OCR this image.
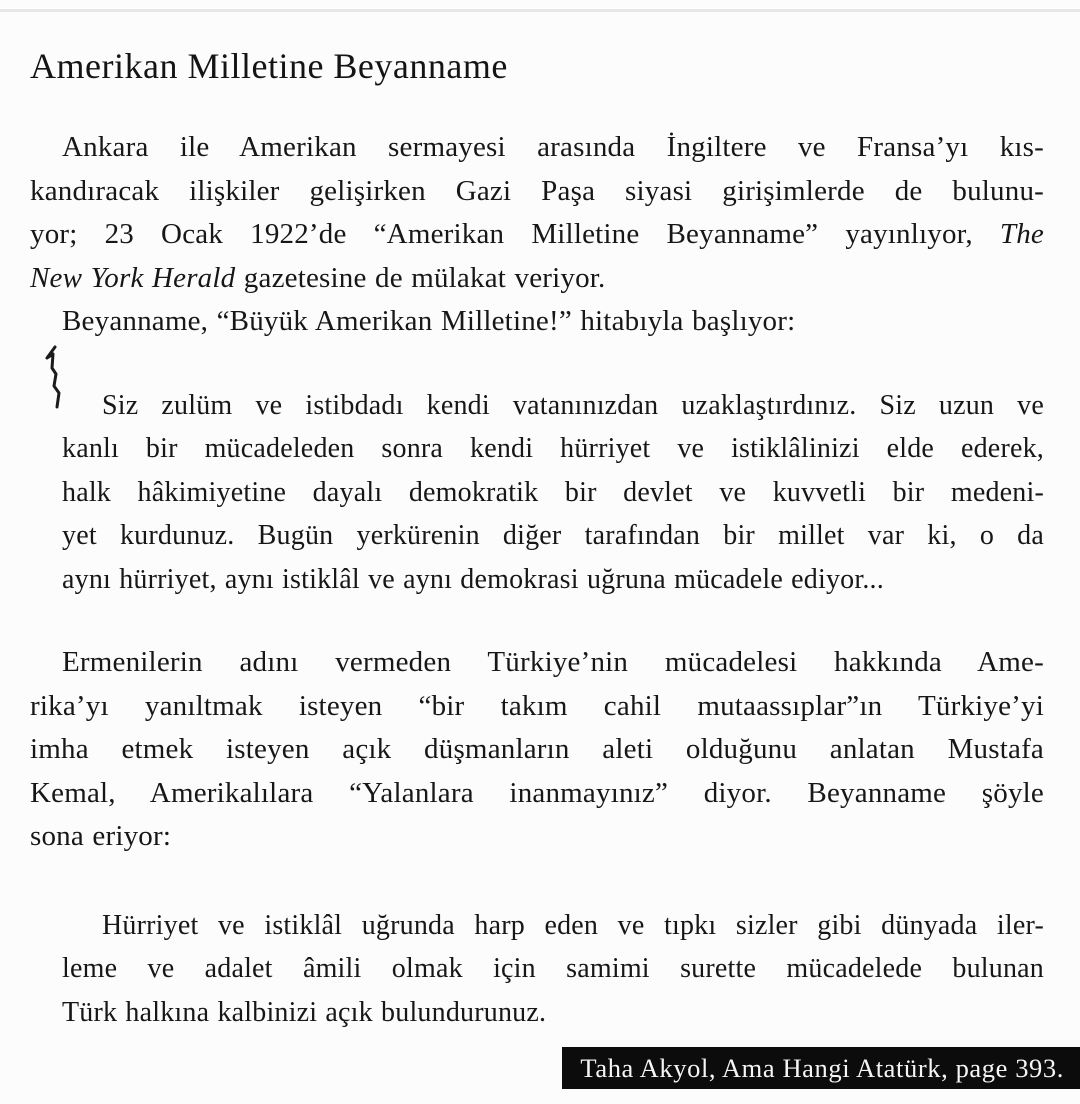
Amerikan Milletine Beyanname
Ankara ile Amerikan sermayesi arasında İngiltere ve Fransa’yı kıs-
kandıracak ilişkiler gelişirken Gazi Paşa siyasi girişimlerde de bulunu-
yor; 23 Ocak 1922’de “Amerikan Milletine Beyanname” yayınlıyor, The
New York Herald gazetesine de mülakat veriyor.
Beyanname, “Büyük Amerikan Milletine!” hitabıyla başlıyor:
Siz zulüm ve istibdadı kendi vatanınızdan uzaklaştırdınız. Siz uzun ve
kanlı bir mücadeleden sonra kendi hürriyet ve istiklâlinizi elde ederek,
halk hâkimiyetine dayalı demokratik bir devlet ve kuvvetli bir medeni-
yet kurdunuz. Bugün yerkürenin diğer tarafından bir millet var ki, o da
aynı hürriyet, aynı istiklâl ve aynı demokrasi uğruna mücadele ediyor...
Ermenilerin adını vermeden Türkiye’nin mücadelesi hakkında Ame-
rika’yı yanıltmak isteyen “bir takım cahil mutaassıplar”ın Türkiye’yi
imha etmek isteyen açık düşmanların aleti olduğunu anlatan Mustafa
Kemal, Amerikalılara “Yalanlara inanmayınız” diyor. Beyanname şöyle
sona eriyor:
Hürriyet ve istiklâl uğrunda harp eden ve tıpkı sizler gibi dünyada iler-
leme ve adalet âmili olmak için samimi surette mücadelede bulunan
Türk halkına kalbinizi açık bulundurunuz.
Taha Akyol, Ama Hangi Atatürk, page 393.
